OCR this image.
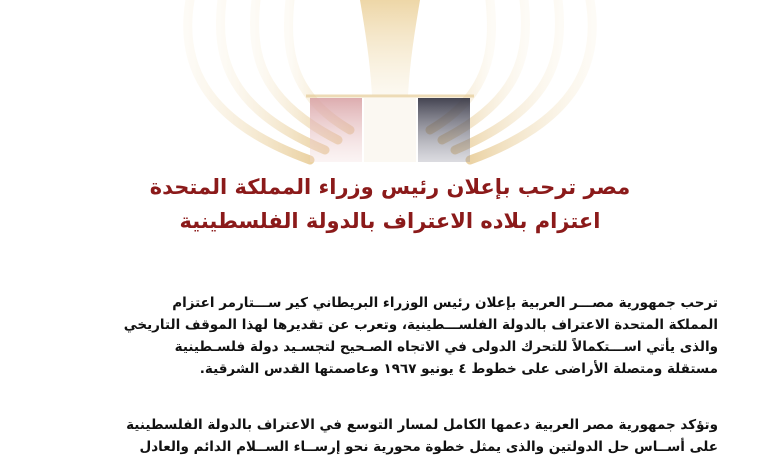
مصر ترحب بإعلان رئيس وزراء المملكة المتحدة
اعتزام بلاده الاعتراف بالدولة الفلسطينية
ترحب جمهورية مصـــر العربية بإعلان رئيس الوزراء البريطاني كير ســـتارمر اعتزام
المملكة المتحدة الاعتراف بالدولة الفلســـطينية، وتعرب عن تقديرها لهذا الموقف التاريخي
والذى يأتي اســـتكمالاً للتحرك الدولى في الاتجاه الصـحيح لتجسـيد دولة فلسـطينية
مستقلة ومتصلة الأراضى على خطوط ٤ يونيو ١٩٦٧ وعاصمتها القدس الشرقية.
وتؤكد جمهورية مصر العربية دعمها الكامل لمسار التوسع في الاعتراف بالدولة الفلسطينية
على أســاس حل الدولتين والذى يمثل خطوة محورية نحو إرســاء الســلام الدائم والعادل
